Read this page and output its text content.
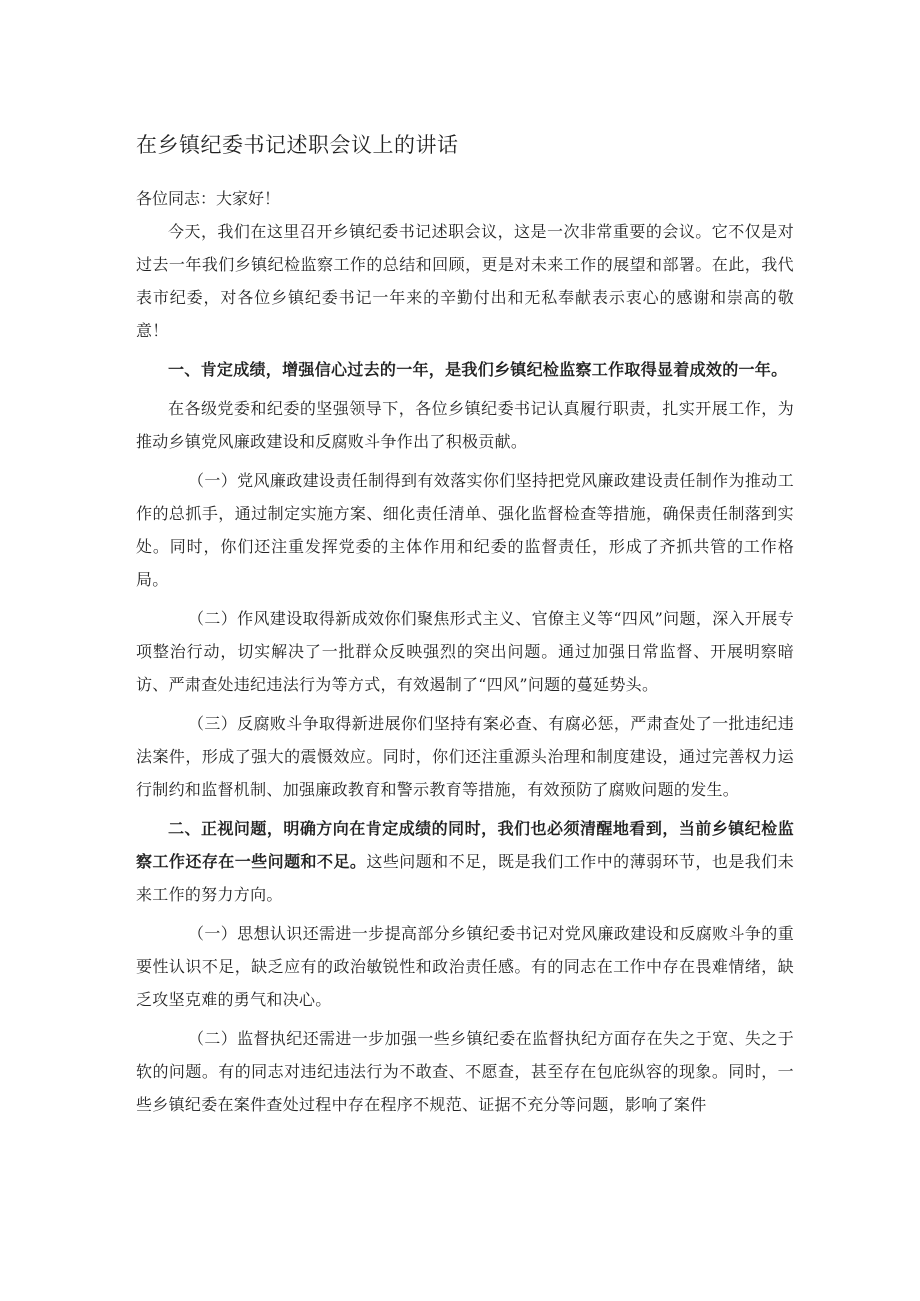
在乡镇纪委书记述职会议上的讲话
各位同志：大家好！

今天，我们在这里召开乡镇纪委书记述职会议，这是一次非常重要的会议。它不仅是对过去一年我们乡镇纪检监察工作的总结和回顾，更是对未来工作的展望和部署。在此，我代表市纪委，对各位乡镇纪委书记一年来的辛勤付出和无私奉献表示衷心的感谢和崇高的敬意！

一、肯定成绩，增强信心过去的一年，是我们乡镇纪检监察工作取得显着成效的一年。

在各级党委和纪委的坚强领导下，各位乡镇纪委书记认真履行职责，扎实开展工作，为推动乡镇党风廉政建设和反腐败斗争作出了积极贡献。

（一）党风廉政建设责任制得到有效落实你们坚持把党风廉政建设责任制作为推动工作的总抓手，通过制定实施方案、细化责任清单、强化监督检查等措施，确保责任制落到实处。同时，你们还注重发挥党委的主体作用和纪委的监督责任，形成了齐抓共管的工作格局。

（二）作风建设取得新成效你们聚焦形式主义、官僚主义等“四风”问题，深入开展专项整治行动，切实解决了一批群众反映强烈的突出问题。通过加强日常监督、开展明察暗访、严肃查处违纪违法行为等方式，有效遏制了“四风”问题的蔓延势头。

（三）反腐败斗争取得新进展你们坚持有案必查、有腐必惩，严肃查处了一批违纪违法案件，形成了强大的震慑效应。同时，你们还注重源头治理和制度建设，通过完善权力运行制约和监督机制、加强廉政教育和警示教育等措施，有效预防了腐败问题的发生。

二、正视问题，明确方向在肯定成绩的同时，我们也必须清醒地看到，当前乡镇纪检监察工作还存在一些问题和不足。这些问题和不足，既是我们工作中的薄弱环节，也是我们未来工作的努力方向。

（一）思想认识还需进一步提高部分乡镇纪委书记对党风廉政建设和反腐败斗争的重要性认识不足，缺乏应有的政治敏锐性和政治责任感。有的同志在工作中存在畏难情绪，缺乏攻坚克难的勇气和决心。

（二）监督执纪还需进一步加强一些乡镇纪委在监督执纪方面存在失之于宽、失之于软的问题。有的同志对违纪违法行为不敢查、不愿查，甚至存在包庇纵容的现象。同时，一些乡镇纪委在案件查处过程中存在程序不规范、证据不充分等问题，影响了案件
